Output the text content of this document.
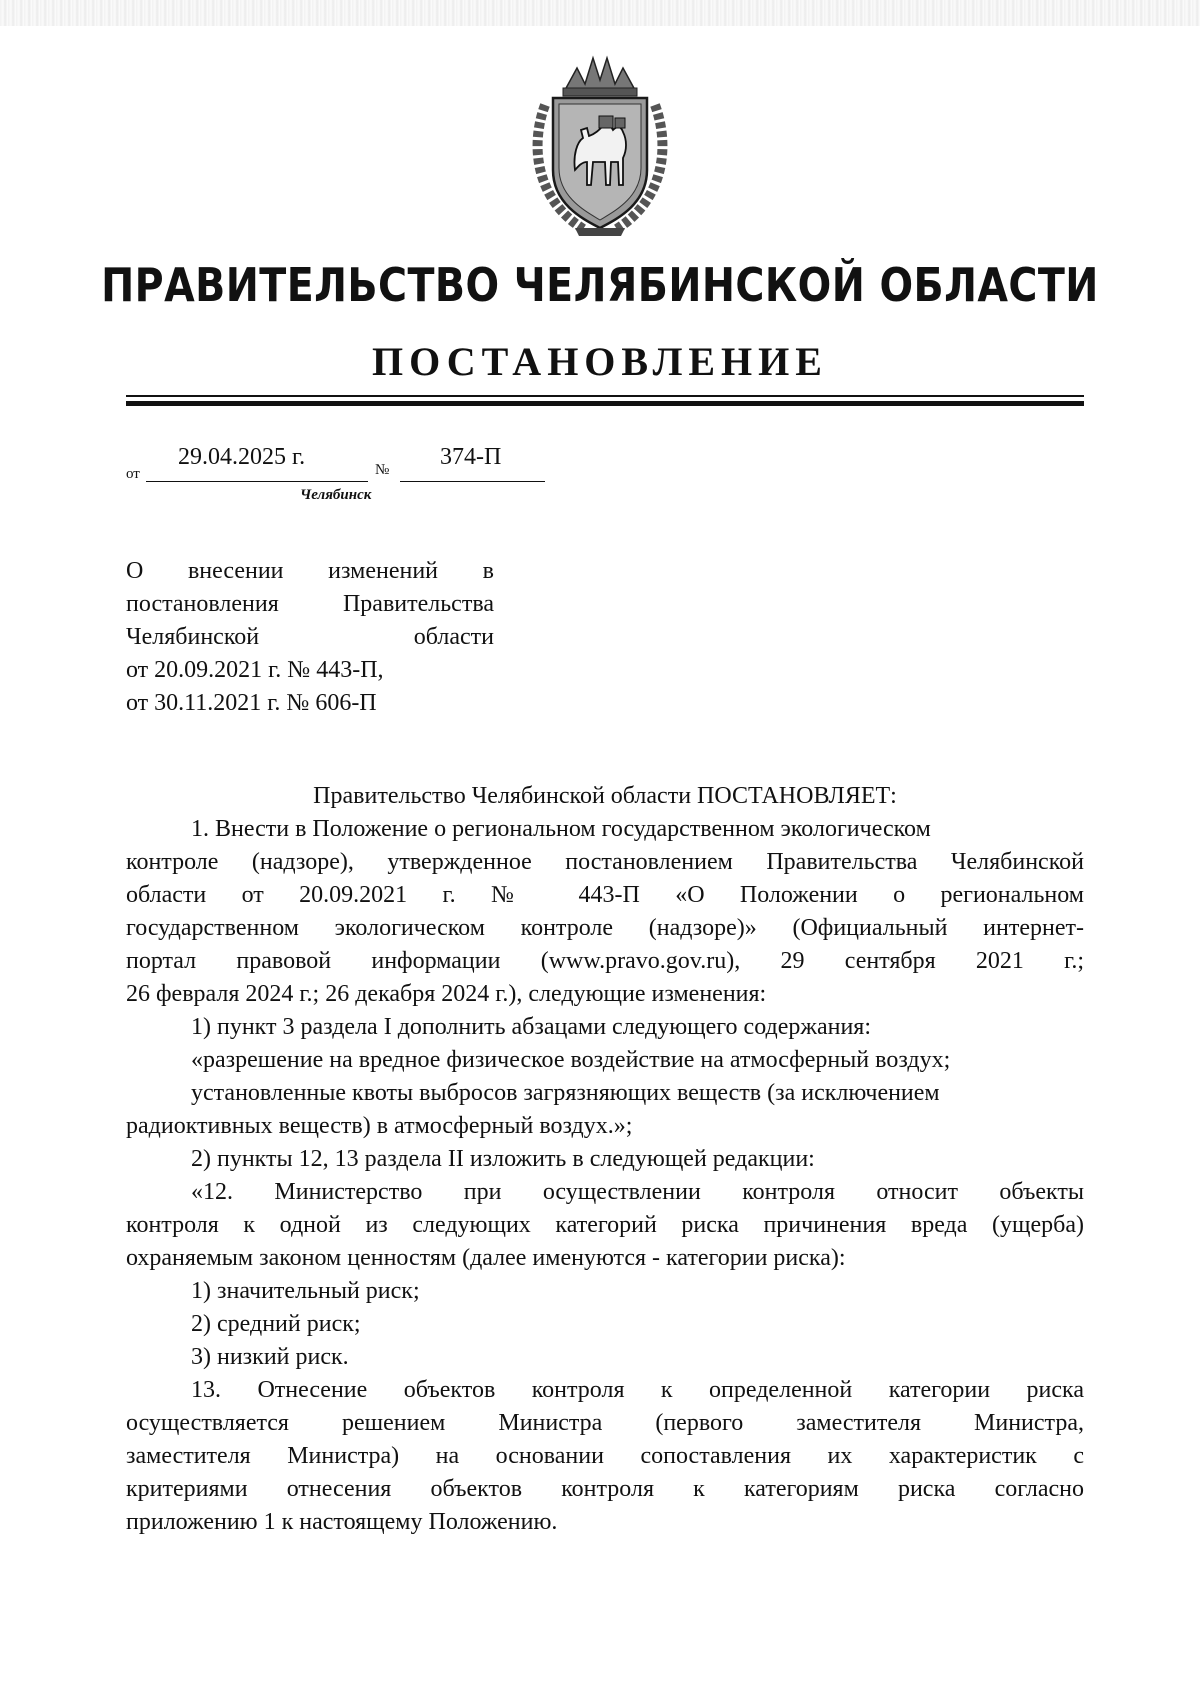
ПРАВИТЕЛЬСТВО ЧЕЛЯБИНСКОЙ ОБЛАСТИ
ПОСТАНОВЛЕНИЕ
от
29.04.2025 г.	№ 374-П
Челябинск
О внесении изменений в
постановления Правительства
Челябинской области
от 20.09.2021 г. № 443-П,
от 30.11.2021 г. № 606-П
Правительство Челябинской области ПОСТАНОВЛЯЕТ:
1. Внести в Положение о региональном государственном экологическом
контроле (надзоре), утвержденное постановлением Правительства Челябинской
области от 20.09.2021 г. № 443-П «О Положении о региональном
государственном экологическом контроле (надзоре)» (Официальный интернет-
портал правовой информации (www.pravo.gov.ru), 29 сентября 2021 г.;
26 февраля 2024 г.; 26 декабря 2024 г.), следующие изменения:
1) пункт 3 раздела I дополнить абзацами следующего содержания:
«разрешение на вредное физическое воздействие на атмосферный воздух;
установленные квоты выбросов загрязняющих веществ (за исключением
радиоктивных веществ) в атмосферный воздух.»;
2) пункты 12, 13 раздела II изложить в следующей редакции:
«12. Министерство при осуществлении контроля относит объекты
контроля к одной из следующих категорий риска причинения вреда (ущерба)
охраняемым законом ценностям (далее именуются - категории риска):
1) значительный риск;
2) средний риск;
3) низкий риск.
13. Отнесение объектов контроля к определенной категории риска
осуществляется решением Министра (первого заместителя Министра,
заместителя Министра) на основании сопоставления их характеристик с
критериями отнесения объектов контроля к категориям риска согласно
приложению 1 к настоящему Положению.
